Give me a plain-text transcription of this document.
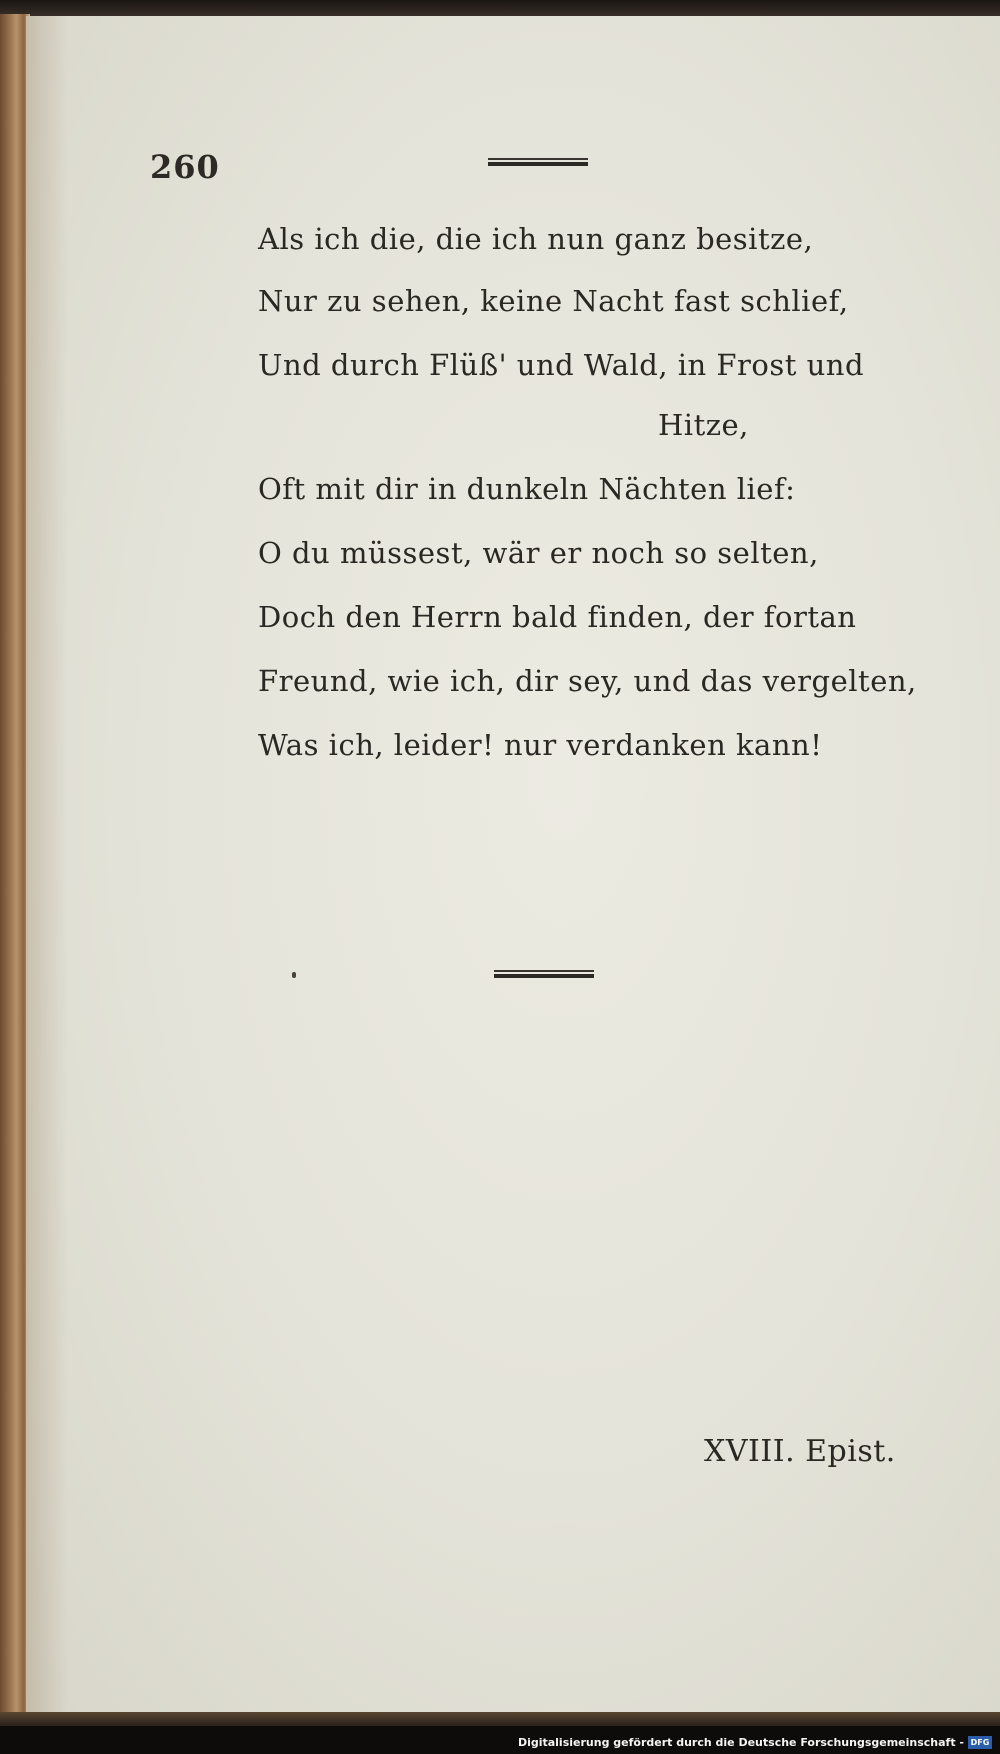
260
Als ich die, die ich nun ganz besitze,
Nur zu sehen, keine Nacht fast schlief,
Und durch Flüß' und Wald, in Frost und
Hitze,
Oft mit dir in dunkeln Nächten lief:
O du müssest, wär er noch so selten,
Doch den Herrn bald finden, der fortan
Freund, wie ich, dir sey, und das vergelten,
Was ich, leider! nur verdanken kann!
XVIII. Epist.
Digitalisierung gefördert durch die Deutsche Forschungsgemeinschaft - DFG
